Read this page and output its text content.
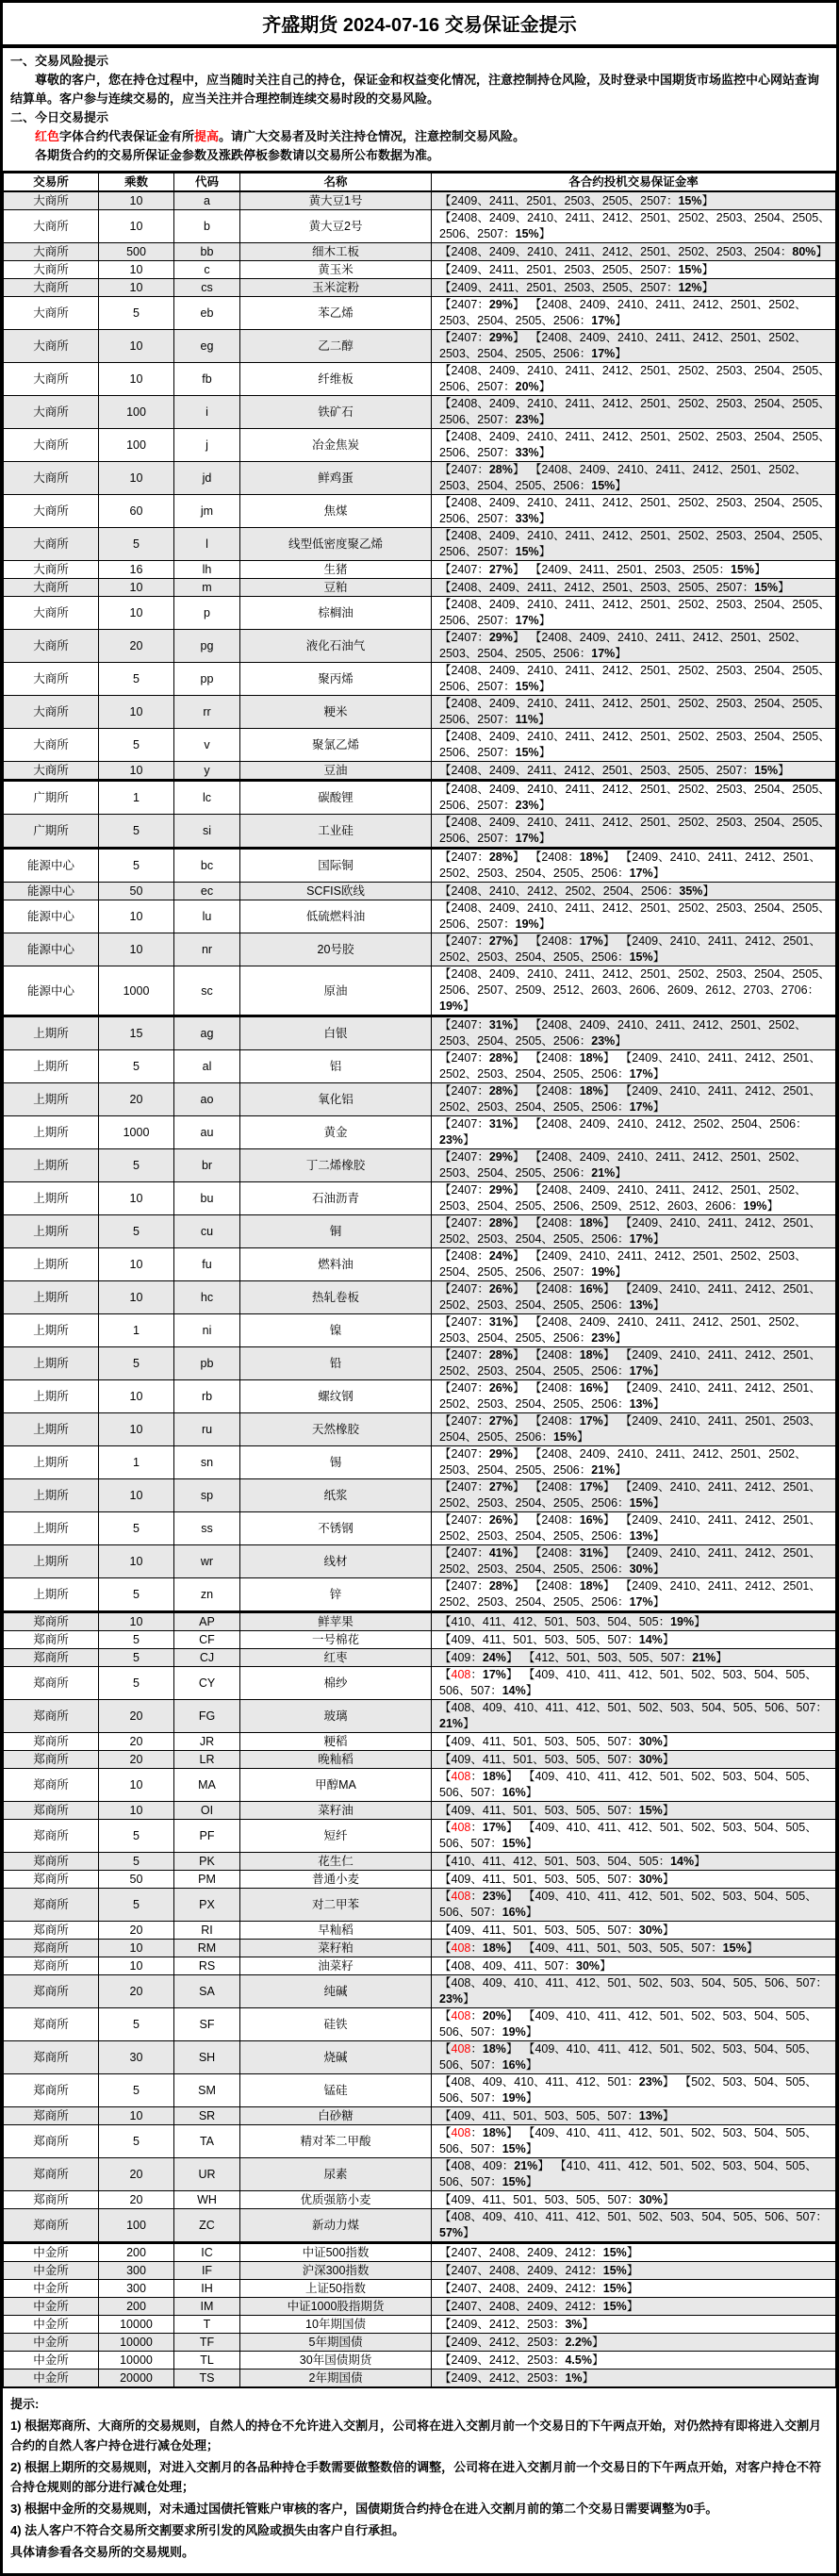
齐盛期货 2024-07-16 交易保证金提示
一、交易风险提示
尊敬的客户，您在持仓过程中，应当随时关注自己的持仓，保证金和权益变化情况，注意控制持仓风险，及时登录中国期货市场监控中心网站查询结算单。客户参与连续交易的，应当关注并合理控制连续交易时段的交易风险。
二、今日交易提示
红色字体合约代表保证金有所提高。请广大交易者及时关注持仓情况，注意控制交易风险。
各期货合约的交易所保证金参数及涨跌停板参数请以交易所公布数据为准。
交易所	乘数	代码	名称	各合约投机交易保证金率
大商所	10	a	黄大豆1号	【2409、2411、2501、2503、2505、2507：15%】
大商所	10	b	黄大豆2号	【2408、2409、2410、2411、2412、2501、2502、2503、2504、2505、2506、2507：15%】
大商所	500	bb	细木工板	【2408、2409、2410、2411、2412、2501、2502、2503、2504：80%】
大商所	10	c	黄玉米	【2409、2411、2501、2503、2505、2507：15%】
大商所	10	cs	玉米淀粉	【2409、2411、2501、2503、2505、2507：12%】
大商所	5	eb	苯乙烯	【2407：29%】 【2408、2409、2410、2411、2412、2501、2502、2503、2504、2505、2506：17%】
大商所	10	eg	乙二醇	【2407：29%】 【2408、2409、2410、2411、2412、2501、2502、2503、2504、2505、2506：17%】
大商所	10	fb	纤维板	【2408、2409、2410、2411、2412、2501、2502、2503、2504、2505、2506、2507：20%】
大商所	100	i	铁矿石	【2408、2409、2410、2411、2412、2501、2502、2503、2504、2505、2506、2507：23%】
大商所	100	j	冶金焦炭	【2408、2409、2410、2411、2412、2501、2502、2503、2504、2505、2506、2507：33%】
大商所	10	jd	鲜鸡蛋	【2407：28%】 【2408、2409、2410、2411、2412、2501、2502、2503、2504、2505、2506：15%】
大商所	60	jm	焦煤	【2408、2409、2410、2411、2412、2501、2502、2503、2504、2505、2506、2507：33%】
大商所	5	l	线型低密度聚乙烯	【2408、2409、2410、2411、2412、2501、2502、2503、2504、2505、2506、2507：15%】
大商所	16	lh	生猪	【2407：27%】 【2409、2411、2501、2503、2505：15%】
大商所	10	m	豆粕	【2408、2409、2411、2412、2501、2503、2505、2507：15%】
大商所	10	p	棕榈油	【2408、2409、2410、2411、2412、2501、2502、2503、2504、2505、2506、2507：17%】
大商所	20	pg	液化石油气	【2407：29%】 【2408、2409、2410、2411、2412、2501、2502、2503、2504、2505、2506：17%】
大商所	5	pp	聚丙烯	【2408、2409、2410、2411、2412、2501、2502、2503、2504、2505、2506、2507：15%】
大商所	10	rr	粳米	【2408、2409、2410、2411、2412、2501、2502、2503、2504、2505、2506、2507：11%】
大商所	5	v	聚氯乙烯	【2408、2409、2410、2411、2412、2501、2502、2503、2504、2505、2506、2507：15%】
大商所	10	y	豆油	【2408、2409、2411、2412、2501、2503、2505、2507：15%】
广期所	1	lc	碳酸锂	【2408、2409、2410、2411、2412、2501、2502、2503、2504、2505、2506、2507：23%】
广期所	5	si	工业硅	【2408、2409、2410、2411、2412、2501、2502、2503、2504、2505、2506、2507：17%】
能源中心	5	bc	国际铜	【2407：28%】 【2408：18%】 【2409、2410、2411、2412、2501、2502、2503、2504、2505、2506：17%】
能源中心	50	ec	SCFIS欧线	【2408、2410、2412、2502、2504、2506：35%】
能源中心	10	lu	低硫燃料油	【2408、2409、2410、2411、2412、2501、2502、2503、2504、2505、2506、2507：19%】
能源中心	10	nr	20号胶	【2407：27%】 【2408：17%】 【2409、2410、2411、2412、2501、2502、2503、2504、2505、2506：15%】
能源中心	1000	sc	原油	【2408、2409、2410、2411、2412、2501、2502、2503、2504、2505、2506、2507、2509、2512、2603、2606、2609、2612、2703、2706：19%】
上期所	15	ag	白银	【2407：31%】 【2408、2409、2410、2411、2412、2501、2502、2503、2504、2505、2506：23%】
上期所	5	al	铝	【2407：28%】 【2408：18%】 【2409、2410、2411、2412、2501、2502、2503、2504、2505、2506：17%】
上期所	20	ao	氧化铝	【2407：28%】 【2408：18%】 【2409、2410、2411、2412、2501、2502、2503、2504、2505、2506：17%】
上期所	1000	au	黄金	【2407：31%】 【2408、2409、2410、2412、2502、2504、2506：23%】
上期所	5	br	丁二烯橡胶	【2407：29%】 【2408、2409、2410、2411、2412、2501、2502、2503、2504、2505、2506：21%】
上期所	10	bu	石油沥青	【2407：29%】 【2408、2409、2410、2411、2412、2501、2502、2503、2504、2505、2506、2509、2512、2603、2606：19%】
上期所	5	cu	铜	【2407：28%】 【2408：18%】 【2409、2410、2411、2412、2501、2502、2503、2504、2505、2506：17%】
上期所	10	fu	燃料油	【2408：24%】 【2409、2410、2411、2412、2501、2502、2503、2504、2505、2506、2507：19%】
上期所	10	hc	热轧卷板	【2407：26%】 【2408：16%】 【2409、2410、2411、2412、2501、2502、2503、2504、2505、2506：13%】
上期所	1	ni	镍	【2407：31%】 【2408、2409、2410、2411、2412、2501、2502、2503、2504、2505、2506：23%】
上期所	5	pb	铅	【2407：28%】 【2408：18%】 【2409、2410、2411、2412、2501、2502、2503、2504、2505、2506：17%】
上期所	10	rb	螺纹钢	【2407：26%】 【2408：16%】 【2409、2410、2411、2412、2501、2502、2503、2504、2505、2506：13%】
上期所	10	ru	天然橡胶	【2407：27%】 【2408：17%】 【2409、2410、2411、2501、2503、2504、2505、2506：15%】
上期所	1	sn	锡	【2407：29%】 【2408、2409、2410、2411、2412、2501、2502、2503、2504、2505、2506：21%】
上期所	10	sp	纸浆	【2407：27%】 【2408：17%】 【2409、2410、2411、2412、2501、2502、2503、2504、2505、2506：15%】
上期所	5	ss	不锈钢	【2407：26%】 【2408：16%】 【2409、2410、2411、2412、2501、2502、2503、2504、2505、2506：13%】
上期所	10	wr	线材	【2407：41%】 【2408：31%】 【2409、2410、2411、2412、2501、2502、2503、2504、2505、2506：30%】
上期所	5	zn	锌	【2407：28%】 【2408：18%】 【2409、2410、2411、2412、2501、2502、2503、2504、2505、2506：17%】
郑商所	10	AP	鲜苹果	【410、411、412、501、503、504、505：19%】
郑商所	5	CF	一号棉花	【409、411、501、503、505、507：14%】
郑商所	5	CJ	红枣	【409：24%】 【412、501、503、505、507：21%】
郑商所	5	CY	棉纱	【408：17%】 【409、410、411、412、501、502、503、504、505、506、507：14%】
郑商所	20	FG	玻璃	【408、409、410、411、412、501、502、503、504、505、506、507：21%】
郑商所	20	JR	粳稻	【409、411、501、503、505、507：30%】
郑商所	20	LR	晚籼稻	【409、411、501、503、505、507：30%】
郑商所	10	MA	甲醇MA	【408：18%】 【409、410、411、412、501、502、503、504、505、506、507：16%】
郑商所	10	OI	菜籽油	【409、411、501、503、505、507：15%】
郑商所	5	PF	短纤	【408：17%】 【409、410、411、412、501、502、503、504、505、506、507：15%】
郑商所	5	PK	花生仁	【410、411、412、501、503、504、505：14%】
郑商所	50	PM	普通小麦	【409、411、501、503、505、507：30%】
郑商所	5	PX	对二甲苯	【408：23%】 【409、410、411、412、501、502、503、504、505、506、507：16%】
郑商所	20	RI	早籼稻	【409、411、501、503、505、507：30%】
郑商所	10	RM	菜籽粕	【408：18%】 【409、411、501、503、505、507：15%】
郑商所	10	RS	油菜籽	【408、409、411、507：30%】
郑商所	20	SA	纯碱	【408、409、410、411、412、501、502、503、504、505、506、507：23%】
郑商所	5	SF	硅铁	【408：20%】 【409、410、411、412、501、502、503、504、505、506、507：19%】
郑商所	30	SH	烧碱	【408：18%】 【409、410、411、412、501、502、503、504、505、506、507：16%】
郑商所	5	SM	锰硅	【408、409、410、411、412、501：23%】 【502、503、504、505、506、507：19%】
郑商所	10	SR	白砂糖	【409、411、501、503、505、507：13%】
郑商所	5	TA	精对苯二甲酸	【408：18%】 【409、410、411、412、501、502、503、504、505、506、507：15%】
郑商所	20	UR	尿素	【408、409：21%】 【410、411、412、501、502、503、504、505、506、507：15%】
郑商所	20	WH	优质强筋小麦	【409、411、501、503、505、507：30%】
郑商所	100	ZC	新动力煤	【408、409、410、411、412、501、502、503、504、505、506、507：57%】
中金所	200	IC	中证500指数	【2407、2408、2409、2412：15%】
中金所	300	IF	沪深300指数	【2407、2408、2409、2412：15%】
中金所	300	IH	上证50指数	【2407、2408、2409、2412：15%】
中金所	200	IM	中证1000股指期货	【2407、2408、2409、2412：15%】
中金所	10000	T	10年期国债	【2409、2412、2503：3%】
中金所	10000	TF	5年期国债	【2409、2412、2503：2.2%】
中金所	10000	TL	30年国债期货	【2409、2412、2503：4.5%】
中金所	20000	TS	2年期国债	【2409、2412、2503：1%】
提示:
1) 根据郑商所、大商所的交易规则，自然人的持仓不允许进入交割月，公司将在进入交割月前一个交易日的下午两点开始，对仍然持有即将进入交割月合约的自然人客户持仓进行减仓处理；
2) 根据上期所的交易规则，对进入交割月的各品种持仓手数需要做整数倍的调整，公司将在进入交割月前一个交易日的下午两点开始，对客户持仓不符合持仓规则的部分进行减仓处理；
3) 根据中金所的交易规则，对未通过国债托管账户审核的客户，国债期货合约持仓在进入交割月前的第二个交易日需要调整为0手。
4) 法人客户不符合交易所交割要求所引发的风险或损失由客户自行承担。
具体请参看各交易所的交易规则。
